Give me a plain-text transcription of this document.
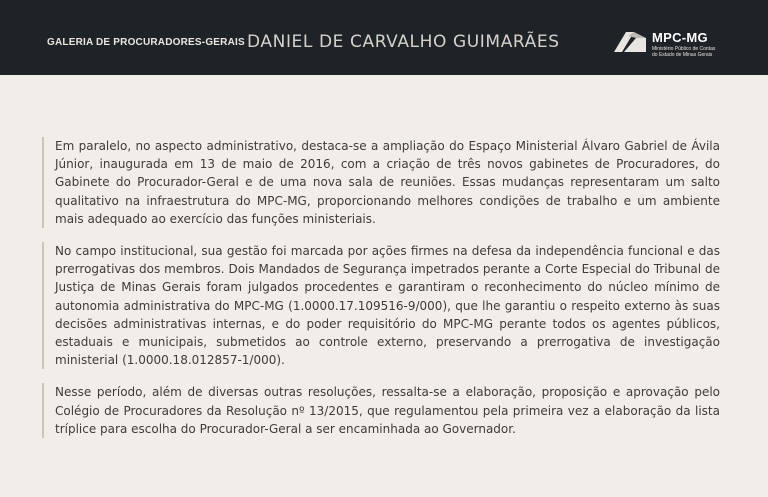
GALERIA DE PROCURADORES-GERAIS DANIEL DE CARVALHO GUIMARÃES	MPC-MG
Ministério Público de Contas
do Estado de Minas Gerais

Em paralelo, no aspecto administrativo, destaca-se a ampliação do Espaço Ministerial Álvaro Gabriel de Ávila Júnior, inaugurada em 13 de maio de 2016, com a criação de três novos gabinetes de Procuradores, do Gabinete do Procurador-Geral e de uma nova sala de reuniões. Essas mudanças representaram um salto qualitativo na infraestrutura do MPC-MG, proporcionando melhores condições de trabalho e um ambiente mais adequado ao exercício das funções ministeriais.

No campo institucional, sua gestão foi marcada por ações firmes na defesa da independência funcional e das prerrogativas dos membros. Dois Mandados de Segurança impetrados perante a Corte Especial do Tribunal de Justiça de Minas Gerais foram julgados procedentes e garantiram o reconhecimento do núcleo mínimo de autonomia administrativa do MPC-MG (1.0000.17.109516-9/000), que lhe garantiu o respeito externo às suas decisões administrativas internas, e do poder requisitório do MPC-MG perante todos os agentes públicos, estaduais e municipais, submetidos ao controle externo, preservando a prerrogativa de investigação ministerial (1.0000.18.012857-1/000).

Nesse período, além de diversas outras resoluções, ressalta-se a elaboração, proposição e aprovação pelo Colégio de Procuradores da Resolução nº 13/2015, que regulamentou pela primeira vez a elaboração da lista tríplice para escolha do Procurador-Geral a ser encaminhada ao Governador.
